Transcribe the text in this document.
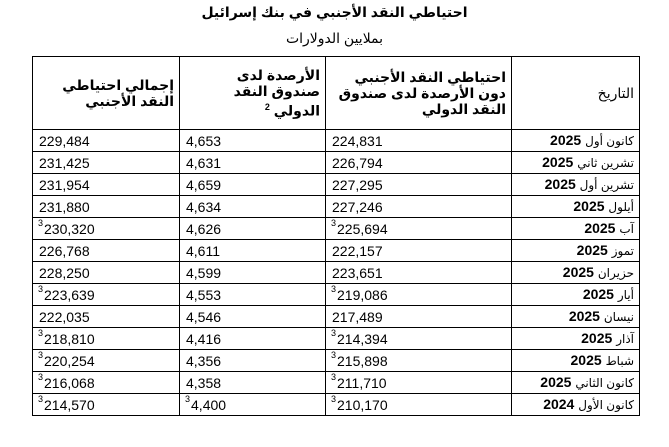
احتياطي النقد الأجنبي في بنك إسرائيل
بملايين الدولارات
التاريخ	احتياطي النقد الأجنبي دون الأرصدة لدى صندوق النقد الدولي	الأرصدة لدى صندوق النقد الدولي $^2$	إجمالي احتياطي النقد الأجنبي
كانون أول 2025	224,831	4,653	229,484
تشرين ثاني 2025	226,794	4,631	231,425
تشرين أول 2025	227,295	4,659	231,954
أيلول 2025	227,246	4,634	231,880
آب 2025	$^3$225,694	4,626	$^3$230,320
تموز 2025	222,157	4,611	226,768
حزيران 2025	223,651	4,599	228,250
أيار 2025	$^3$219,086	4,553	$^3$223,639
نيسان 2025	217,489	4,546	222,035
آذار 2025	$^3$214,394	4,416	$^3$218,810
شباط 2025	$^3$215,898	4,356	$^3$220,254
كانون الثاني 2025	$^3$211,710	4,358	$^3$216,068
كانون الأول 2024	$^3$210,170	$^3$4,400	$^3$214,570
